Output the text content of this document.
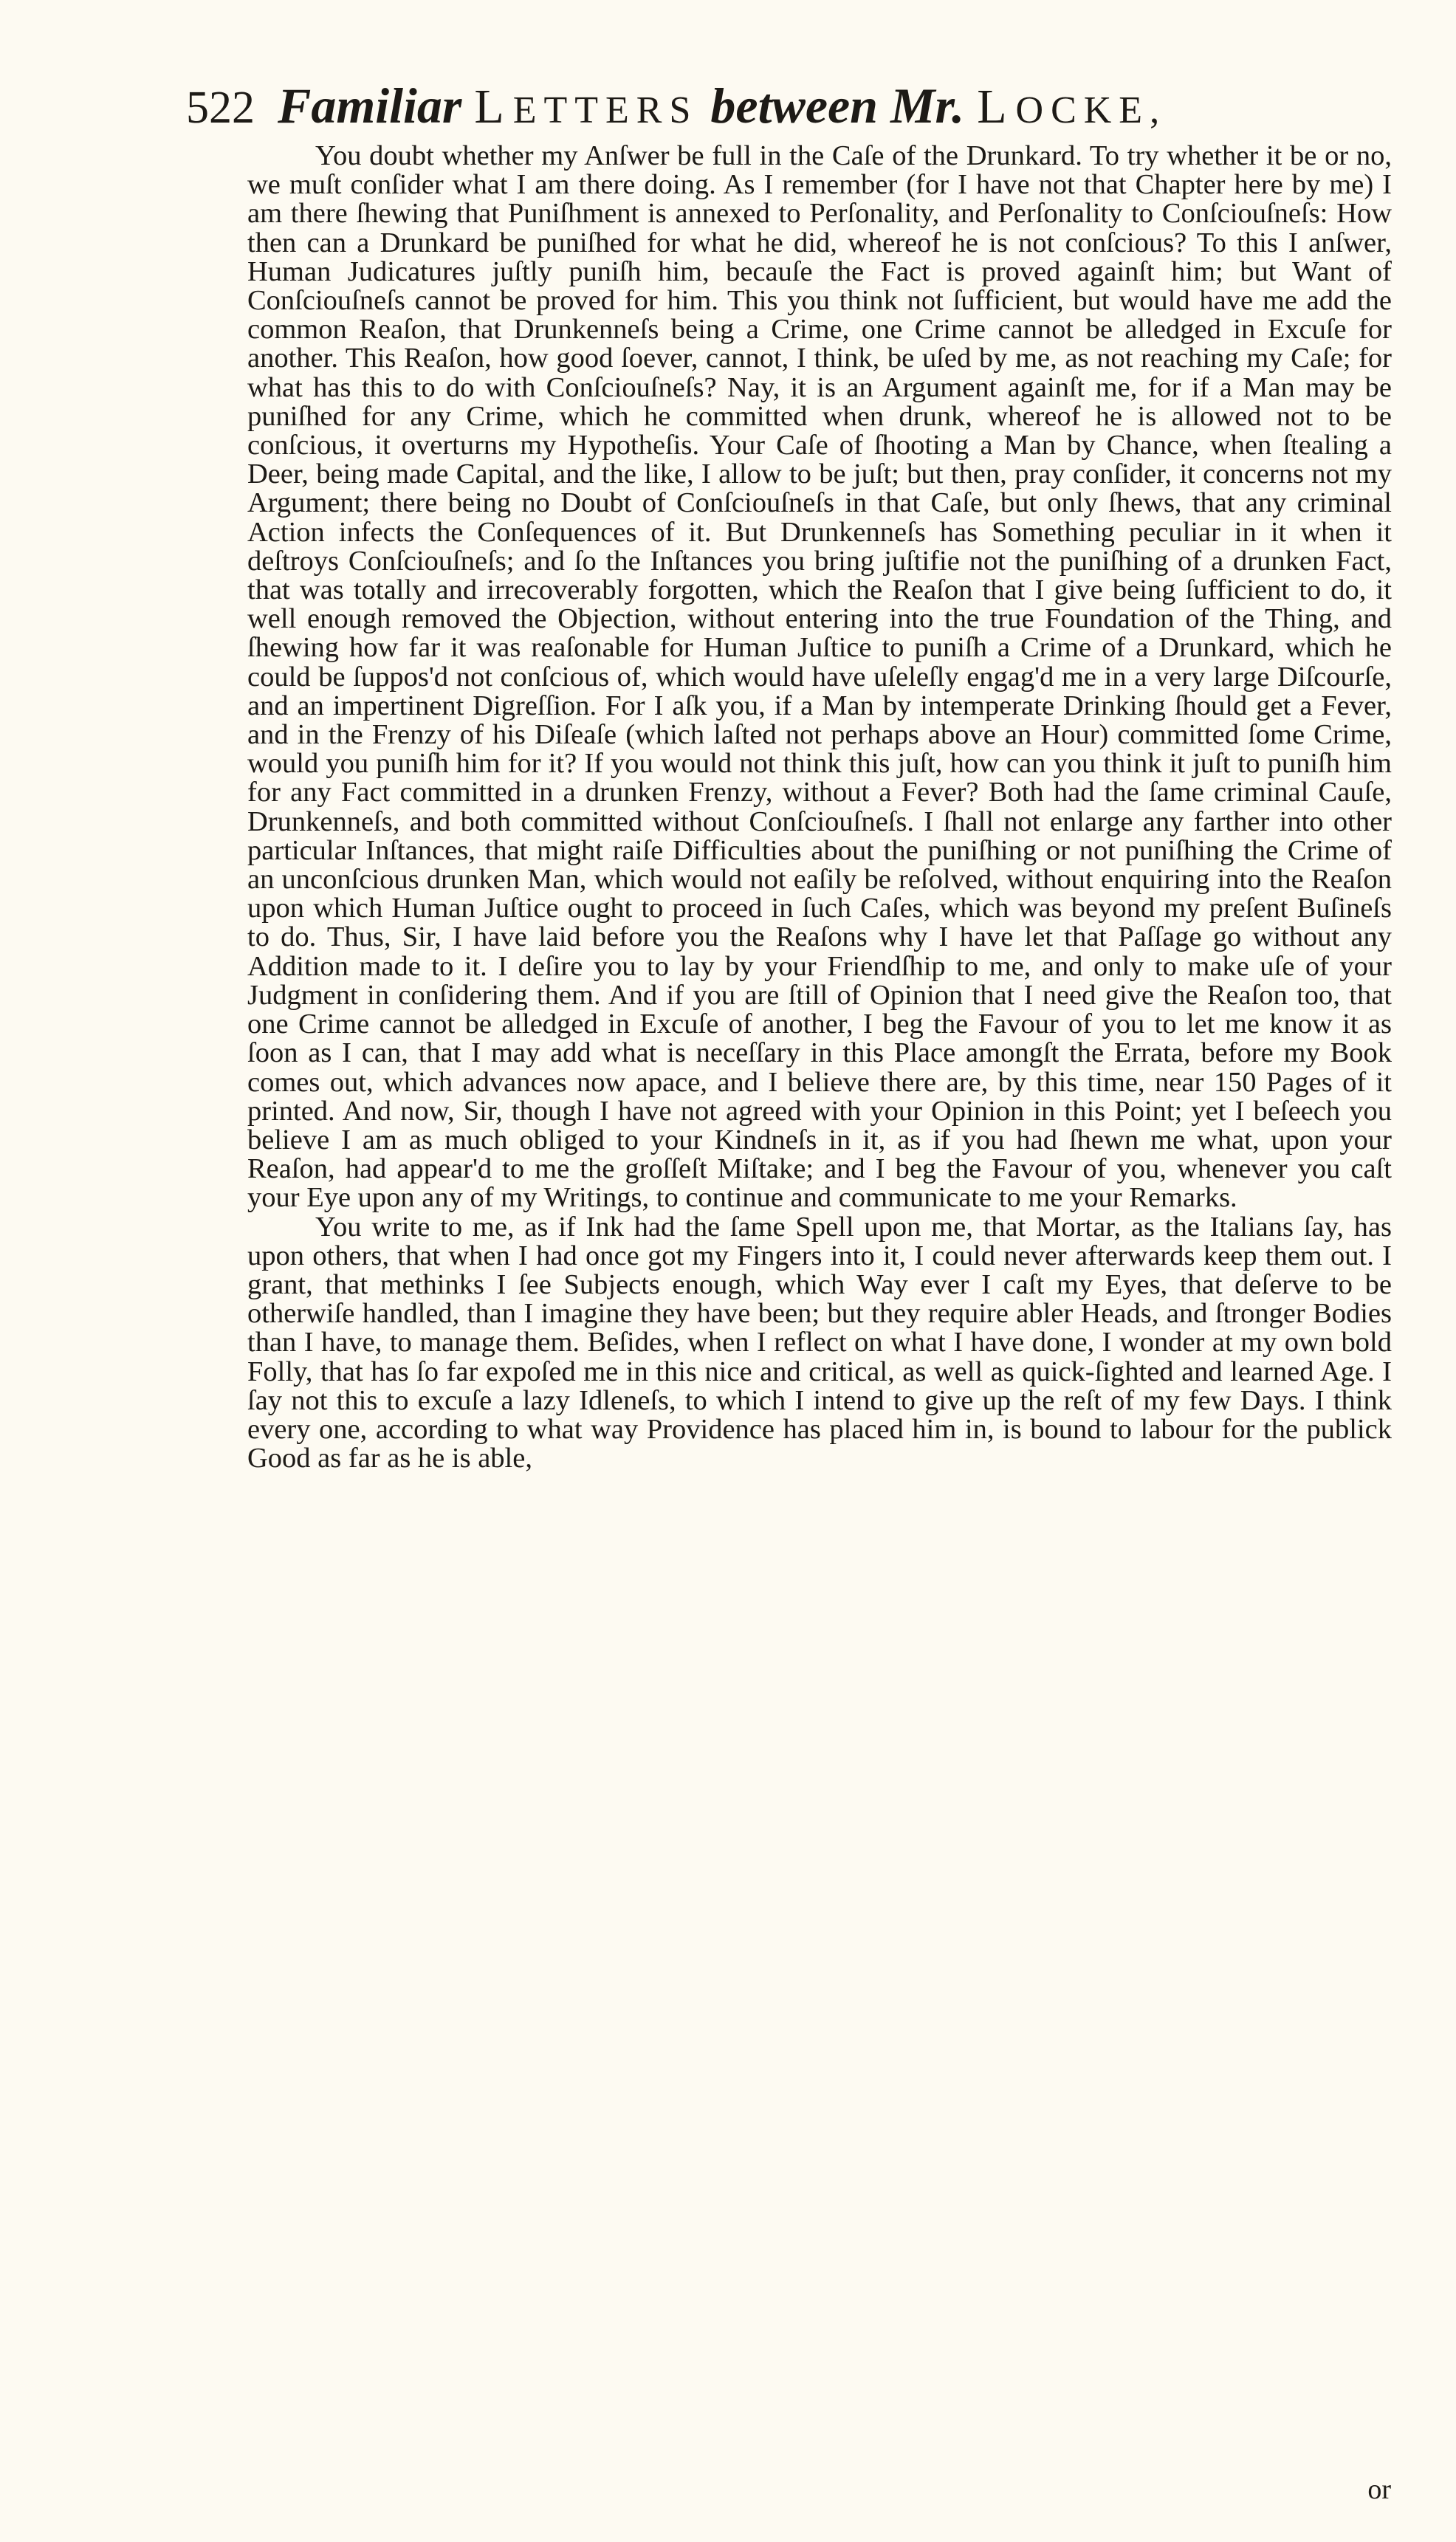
522 Familiar LETTERS between Mr. LOCKE,

You doubt whether my Anſwer be full in the Caſe of the Drunkard. To try whether it be or no, we muſt conſider what I am there doing. As I remember (for I have not that Chapter here by me) I am there ſhewing that Puniſhment is annexed to Perſonality, and Perſonality to Conſciouſneſs: How then can a Drunkard be puniſhed for what he did, whereof he is not conſcious? To this I anſwer, Human Judicatures juſtly puniſh him, becauſe the Fact is proved againſt him; but Want of Conſciouſneſs cannot be proved for him. This you think not ſufficient, but would have me add the common Reaſon, that Drunkenneſs being a Crime, one Crime cannot be alledged in Excuſe for another. This Reaſon, how good ſoever, cannot, I think, be uſed by me, as not reaching my Caſe; for what has this to do with Conſciouſneſs? Nay, it is an Argument againſt me, for if a Man may be puniſhed for any Crime, which he committed when drunk, whereof he is allowed not to be conſcious, it overturns my Hypotheſis. Your Caſe of ſhooting a Man by Chance, when ſtealing a Deer, being made Capital, and the like, I allow to be juſt; but then, pray conſider, it concerns not my Argument; there being no Doubt of Conſciouſneſs in that Caſe, but only ſhews, that any criminal Action infects the Conſequences of it. But Drunkenneſs has Something peculiar in it when it deſtroys Conſciouſneſs; and ſo the Inſtances you bring juſtifie not the puniſhing of a drunken Fact, that was totally and irrecoverably forgotten, which the Reaſon that I give being ſufficient to do, it well enough removed the Objection, without entering into the true Foundation of the Thing, and ſhewing how far it was reaſonable for Human Juſtice to puniſh a Crime of a Drunkard, which he could be ſuppos'd not conſcious of, which would have uſeleſly engag'd me in a very large Diſcourſe, and an impertinent Digreſſion. For I aſk you, if a Man by intemperate Drinking ſhould get a Fever, and in the Frenzy of his Diſeaſe (which laſted not perhaps above an Hour) committed ſome Crime, would you puniſh him for it? If you would not think this juſt, how can you think it juſt to puniſh him for any Fact committed in a drunken Frenzy, without a Fever? Both had the ſame criminal Cauſe, Drunkenneſs, and both committed without Conſciouſneſs. I ſhall not enlarge any farther into other particular Inſtances, that might raiſe Difficulties about the puniſhing or not puniſhing the Crime of an unconſcious drunken Man, which would not eaſily be reſolved, without enquiring into the Reaſon upon which Human Juſtice ought to proceed in ſuch Caſes, which was beyond my preſent Buſineſs to do. Thus, Sir, I have laid before you the Reaſons why I have let that Paſſage go without any Addition made to it. I deſire you to lay by your Friendſhip to me, and only to make uſe of your Judgment in conſidering them. And if you are ſtill of Opinion that I need give the Reaſon too, that one Crime cannot be alledged in Excuſe of another, I beg the Favour of you to let me know it as ſoon as I can, that I may add what is neceſſary in this Place amongſt the Errata, before my Book comes out, which advances now apace, and I believe there are, by this time, near 150 Pages of it printed. And now, Sir, though I have not agreed with your Opinion in this Point; yet I beſeech you believe I am as much obliged to your Kindneſs in it, as if you had ſhewn me what, upon your Reaſon, had appear'd to me the groſſeſt Miſtake; and I beg the Favour of you, whenever you caſt your Eye upon any of my Writings, to continue and communicate to me your Remarks.

You write to me, as if Ink had the ſame Spell upon me, that Mortar, as the Italians ſay, has upon others, that when I had once got my Fingers into it, I could never afterwards keep them out. I grant, that methinks I ſee Subjects enough, which Way ever I caſt my Eyes, that deſerve to be otherwiſe handled, than I imagine they have been; but they require abler Heads, and ſtronger Bodies than I have, to manage them. Beſides, when I reflect on what I have done, I wonder at my own bold Folly, that has ſo far expoſed me in this nice and critical, as well as quick-ſighted and learned Age. I ſay not this to excuſe a lazy Idleneſs, to which I intend to give up the reſt of my few Days. I think every one, according to what way Providence has placed him in, is bound to labour for the publick Good as far as he is able,

or
